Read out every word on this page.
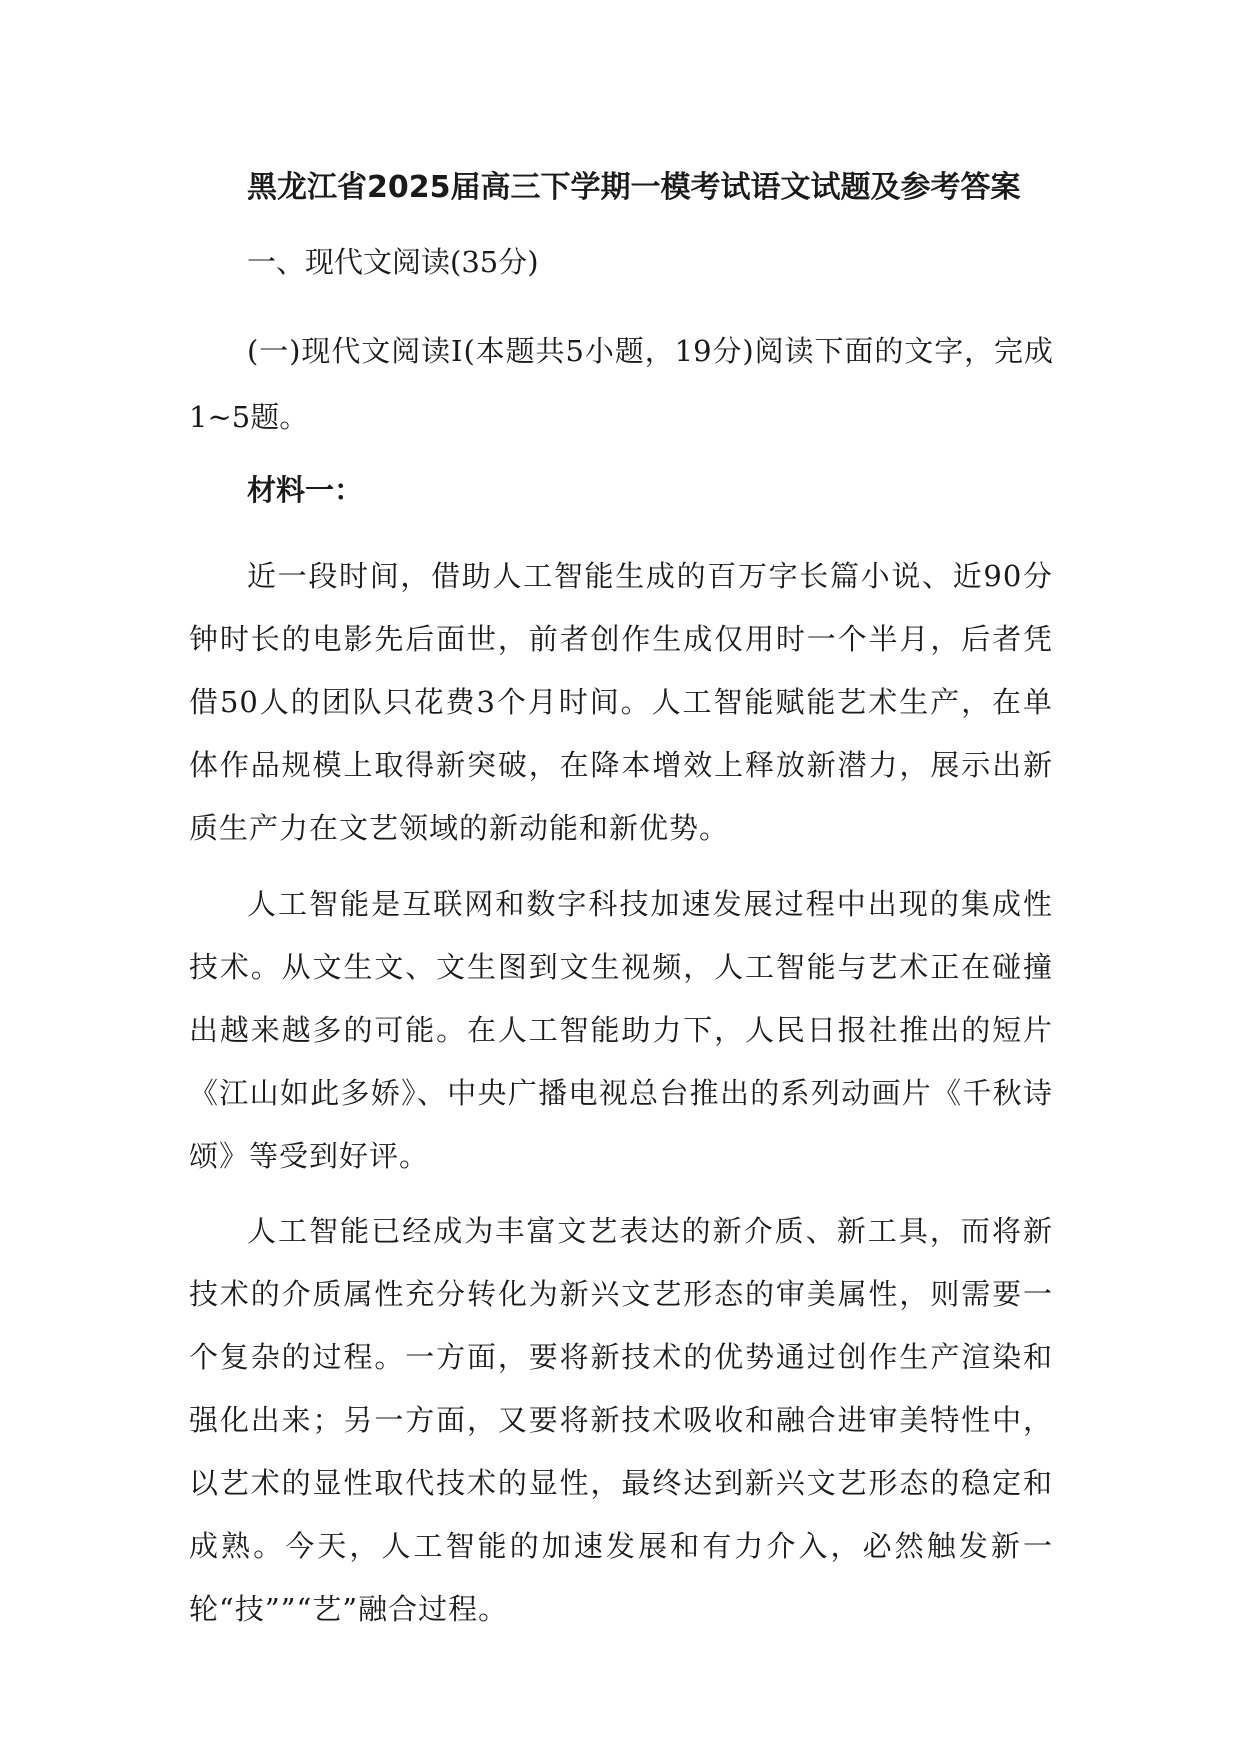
黑龙江省2025届高三下学期一模考试语文试题及参考答案
一、现代文阅读(35分)
(一)现代文阅读Ⅰ(本题共5小题，19分)阅读下面的文字，完成1~5题。
材料一：
近一段时间，借助人工智能生成的百万字长篇小说、近90分钟时长的电影先后面世，前者创作生成仅用时一个半月，后者凭借50人的团队只花费3个月时间。人工智能赋能艺术生产，在单体作品规模上取得新突破，在降本增效上释放新潜力，展示出新质生产力在文艺领域的新动能和新优势。
人工智能是互联网和数字科技加速发展过程中出现的集成性技术。从文生文、文生图到文生视频，人工智能与艺术正在碰撞出越来越多的可能。在人工智能助力下，人民日报社推出的短片《江山如此多娇》、中央广播电视总台推出的系列动画片《千秋诗颂》等受到好评。
人工智能已经成为丰富文艺表达的新介质、新工具，而将新技术的介质属性充分转化为新兴文艺形态的审美属性，则需要一个复杂的过程。一方面，要将新技术的优势通过创作生产渲染和强化出来；另一方面，又要将新技术吸收和融合进审美特性中，以艺术的显性取代技术的显性，最终达到新兴文艺形态的稳定和成熟。今天，人工智能的加速发展和有力介入，必然触发新一轮“技””“艺”融合过程。
